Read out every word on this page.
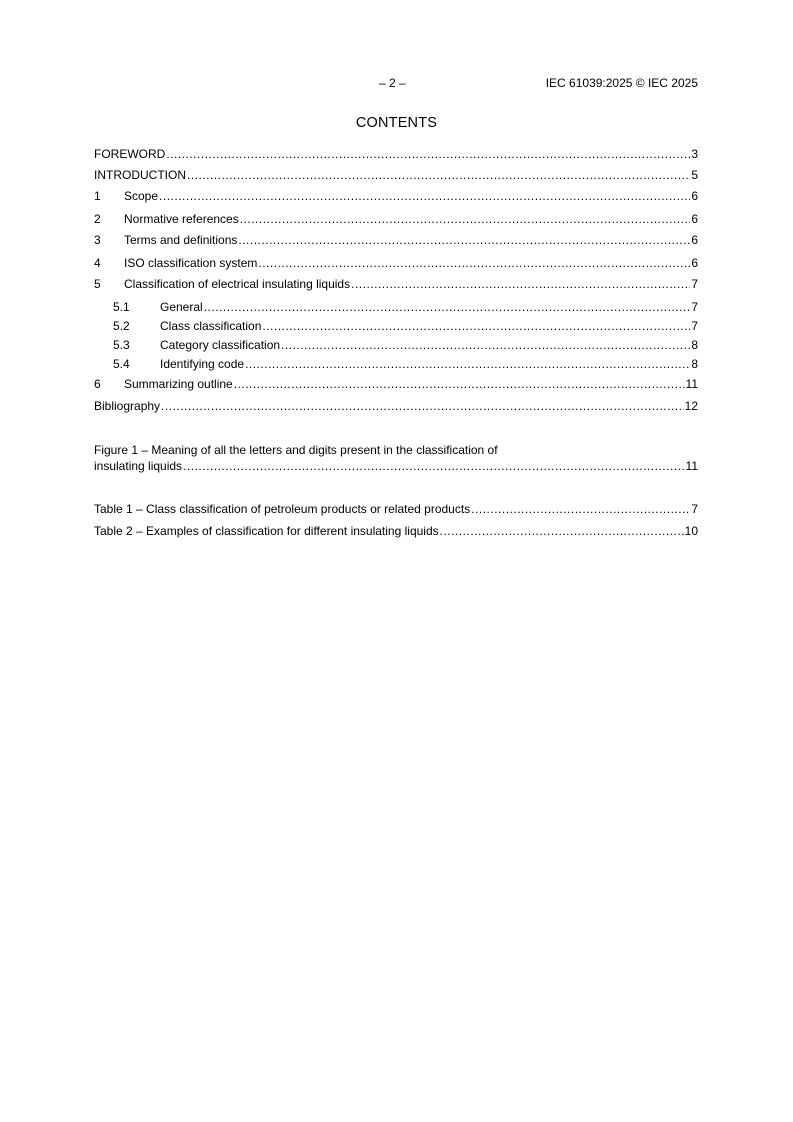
– 2 –	IEC 61039:2025 © IEC 2025
CONTENTS
FOREWORD .....	3
INTRODUCTION .....	5
1	Scope .....	6
2	Normative references .....	6
3	Terms and definitions .....	6
4	ISO classification system .....	6
5	Classification of electrical insulating liquids .....	7
5.1	General .....	7
5.2	Class classification .....	7
5.3	Category classification .....	8
5.4	Identifying code .....	8
6	Summarizing outline .....	11
Bibliography .....	12
Figure 1 – Meaning of all the letters and digits present in the classification of
insulating liquids .....	11
Table 1 – Class classification of petroleum products or related products .....	7
Table 2 – Examples of classification for different insulating liquids .....	10
